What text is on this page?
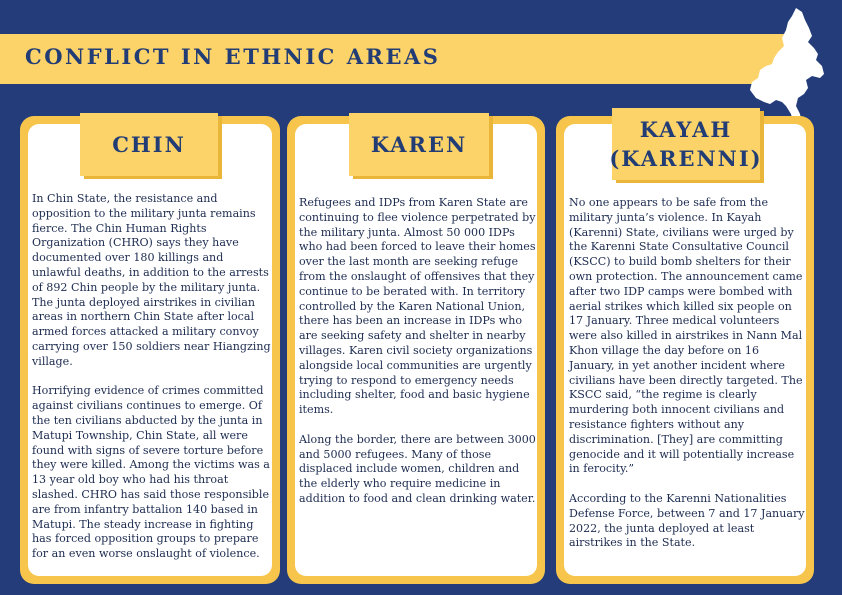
CONFLICT IN ETHNIC AREAS
CHIN

In Chin State, the resistance and opposition to the military junta remains fierce. The Chin Human Rights Organization (CHRO) says they have documented over 180 killings and unlawful deaths, in addition to the arrests of 892 Chin people by the military junta. The junta deployed airstrikes in civilian areas in northern Chin State after local armed forces attacked a military convoy carrying over 150 soldiers near Hiangzing village.

Horrifying evidence of crimes committed against civilians continues to emerge. Of the ten civilians abducted by the junta in Matupi Township, Chin State, all were found with signs of severe torture before they were killed. Among the victims was a 13 year old boy who had his throat slashed. CHRO has said those responsible are from infantry battalion 140 based in Matupi. The steady increase in fighting has forced opposition groups to prepare for an even worse onslaught of violence.

KAREN

Refugees and IDPs from Karen State are continuing to flee violence perpetrated by the military junta. Almost 50 000 IDPs who had been forced to leave their homes over the last month are seeking refuge from the onslaught of offensives that they continue to be berated with. In territory controlled by the Karen National Union, there has been an increase in IDPs who are seeking safety and shelter in nearby villages. Karen civil society organizations alongside local communities are urgently trying to respond to emergency needs including shelter, food and basic hygiene items.

Along the border, there are between 3000 and 5000 refugees. Many of those displaced include women, children and the elderly who require medicine in addition to food and clean drinking water.

KAYAH
(KARENNI)

No one appears to be safe from the military junta’s violence. In Kayah (Karenni) State, civilians were urged by the Karenni State Consultative Council (KSCC) to build bomb shelters for their own protection. The announcement came after two IDP camps were bombed with aerial strikes which killed six people on 17 January. Three medical volunteers were also killed in airstrikes in Nann Mal Khon village the day before on 16 January, in yet another incident where civilians have been directly targeted. The KSCC said, “the regime is clearly murdering both innocent civilians and resistance fighters without any discrimination. [They] are committing genocide and it will potentially increase in ferocity.”

According to the Karenni Nationalities Defense Force, between 7 and 17 January 2022, the junta deployed at least airstrikes in the State.
